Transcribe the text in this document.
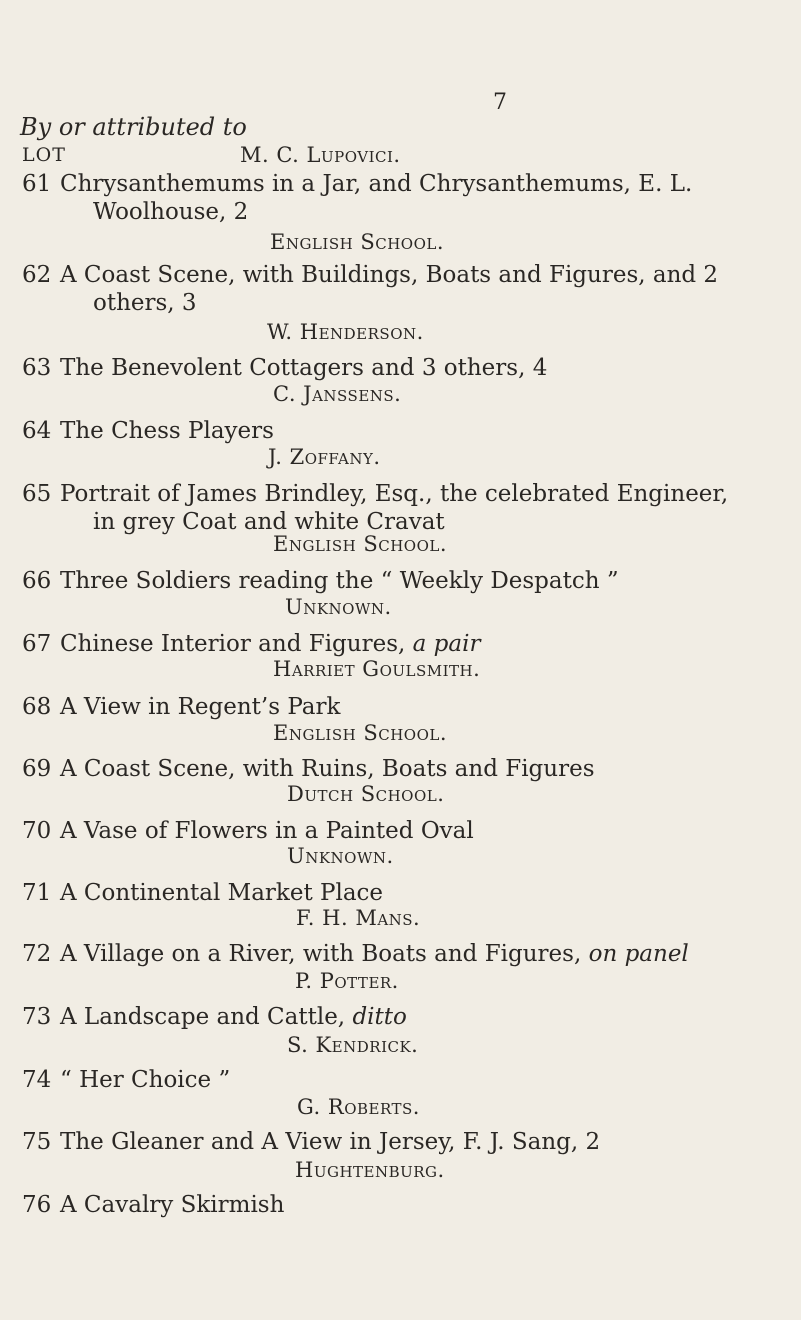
7
By or attributed to
LOT	M. C. Lupovici.
61 Chrysanthemums in a Jar, and Chrysanthemums, E. L.
Woolhouse, 2
English School.
62 A Coast Scene, with Buildings, Boats and Figures, and 2
others, 3
W. Henderson.
63 The Benevolent Cottagers and 3 others, 4
C. Janssens.
64 The Chess Players
J. Zoffany.
65 Portrait of James Brindley, Esq., the celebrated Engineer,
in grey Coat and white Cravat
English School.
66 Three Soldiers reading the “ Weekly Despatch ”
Unknown.
67 Chinese Interior and Figures, a pair
Harriet Goulsmith.
68 A View in Regent’s Park
English School.
69 A Coast Scene, with Ruins, Boats and Figures
Dutch School.
70 A Vase of Flowers in a Painted Oval
Unknown.
71 A Continental Market Place
F. H. Mans.
72 A Village on a River, with Boats and Figures, on panel
P. Potter.
73 A Landscape and Cattle, ditto
S. Kendrick.
74 “ Her Choice ”
G. Roberts.
75 The Gleaner and A View in Jersey, F. J. Sang, 2
Hughtenburg.
76 A Cavalry Skirmish
